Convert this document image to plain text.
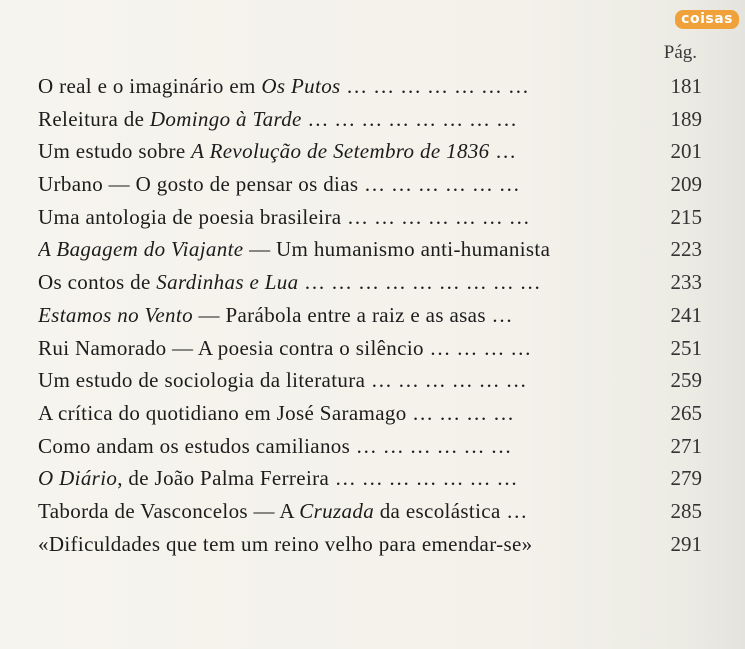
coisas
Pág.
O real e o imaginário em Os Putos … … … … … … …	181
Releitura de Domingo à Tarde … … … … … … … …	189
Um estudo sobre A Revolução de Setembro de 1836 …	201
Urbano — O gosto de pensar os dias … … … … … …	209
Uma antologia de poesia brasileira … … … … … … …	215
A Bagagem do Viajante — Um humanismo anti-humanista	223
Os contos de Sardinhas e Lua … … … … … … … … …	233
Estamos no Vento — Parábola entre a raiz e as asas …	241
Rui Namorado — A poesia contra o silêncio … … … …	251
Um estudo de sociologia da literatura … … … … … …	259
A crítica do quotidiano em José Saramago … … … …	265
Como andam os estudos camilianos … … … … … …	271
O Diário, de João Palma Ferreira … … … … … … …	279
Taborda de Vasconcelos — A Cruzada da escolástica …	285
«Dificuldades que tem um reino velho para emendar-se»	291
